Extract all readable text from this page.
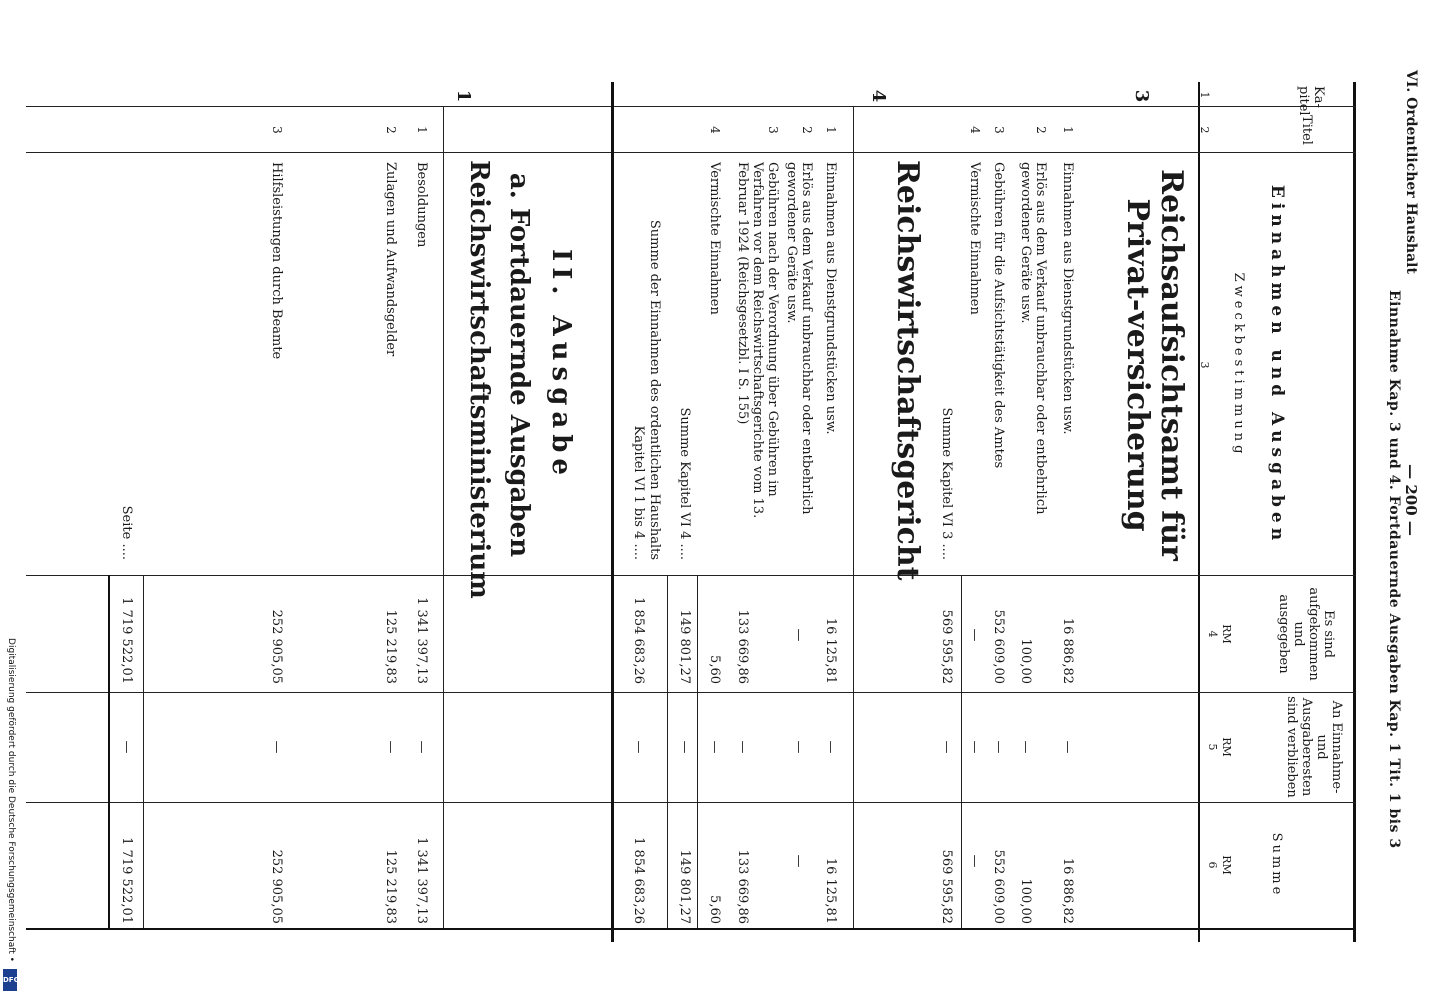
Digitalisierung gefördert durch die Deutsche Forschungsgemeinschaft •
DFG
VI. Ordentlicher Haushalt
— 200 —
Einnahme Kap. 3 und 4. Fortdauernde Ausgaben Kap. 1 Tit. 1 bis 3
Ka-pitel
Titel
Einnahmen und Ausgaben
Zweckbestimmung
Es sind aufgekommen und ausgegeben
An Einnahme- und Ausgaberesten sind verblieben
Summe
RM
RM
RM
1
2
3
4
5
6
3
Reichsaufsichtsamt für Privat-versicherung
1
Einnahmen aus Dienstgrundstücken usw.
16 886,82
—
16 886,82
2
Erlös aus dem Verkauf unbrauchbar oder entbehrlich gewordener Geräte usw.
100,00
—
100,00
3
Gebühren für die Aufsichtstätigkeit des Amtes
552 609,00
—
552 609,00
4
Vermischte Einnahmen
—
—
—
Summe Kapitel VI 3 ....
569 595,82
—
569 595,82
4
Reichswirtschaftsgericht
1
Einnahmen aus Dienstgrundstücken usw.
16 125,81
—
16 125,81
2
Erlös aus dem Verkauf unbrauchbar oder entbehrlich gewordener Geräte usw.
—
—
—
3
Gebühren nach der Verordnung über Gebühren im Verfahren vor dem Reichswirtschaftsgerichte vom 13. Februar 1924 (Reichsgesetzbl. I S. 155)
133 669,86
—
133 669,86
4
Vermischte Einnahmen
5,60
—
5,60
Summe Kapitel VI 4 ....
149 801,27
—
149 801,27
Summe der Einnahmen des ordentlichen Haushalts
Kapitel VI 1 bis 4 ....
1 854 683,26
—
1 854 683,26
II. Ausgabe
a. Fortdauernde Ausgaben
Reichswirtschaftsministerium
1
1
Besoldungen
1 341 397,13
—
1 341 397,13
2
Zulagen und Aufwandsgelder
125 219,83
—
125 219,83
3
Hilfsleistungen durch Beamte
252 905,05
—
252 905,05
Seite ....
1 719 522,01
—
1 719 522,01
